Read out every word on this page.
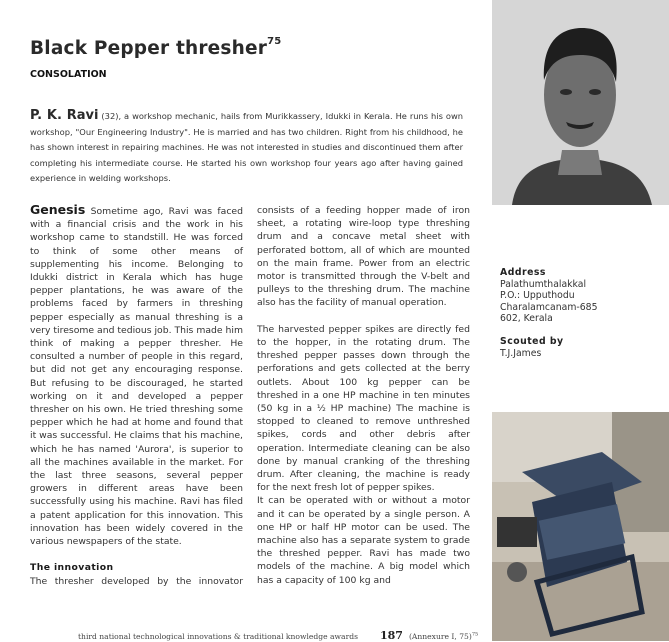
Black Pepper thresher$^{75}$
CONSOLATION
P. K. Ravi (32), a workshop mechanic, hails from Murikkassery, Idukki in Kerala. He runs his own workshop, "Our Engineering Industry". He is married and has two children. Right from his childhood, he has shown interest in repairing machines. He was not interested in studies and discontinued them after completing his intermediate course. He started his own workshop four years ago after having gained experience in welding workshops.

Genesis Sometime ago, Ravi was faced with a financial crisis and the work in his workshop came to standstill. He was forced to think of some other means of supplementing his income. Belonging to Idukki district in Kerala which has huge pepper plantations, he was aware of the problems faced by farmers in threshing pepper especially as manual threshing is a very tiresome and tedious job. This made him think of making a pepper thresher. He consulted a number of people in this regard, but did not get any encouraging response. But refusing to be discouraged, he started working on it and developed a pepper thresher on his own. He tried threshing some pepper which he had at home and found that it was successful. He claims that his machine, which he has named 'Aurora', is superior to all the machines available in the market. For the last three seasons, several pepper growers in different areas have been successfully using his machine. Ravi has filed a patent application for this innovation. This innovation has been widely covered in the various newspapers of the state.

The innovation

The thresher developed by the innovator

consists of a feeding hopper made of iron sheet, a rotating wire-loop type threshing drum and a concave metal sheet with perforated bottom, all of which are mounted on the main frame. Power from an electric motor is transmitted through the V-belt and pulleys to the threshing drum. The machine also has the facility of manual operation.

The harvested pepper spikes are directly fed to the hopper, in the rotating drum. The threshed pepper passes down through the perforations and gets collected at the berry outlets. About 100 kg pepper can be threshed in a one HP machine in ten minutes (50 kg in a ½ HP machine) The machine is stopped to cleaned to remove unthreshed spikes, cords and other debris after operation. Intermediate cleaning can be also done by manual cranking of the threshing drum. After cleaning, the machine is ready for the next fresh lot of pepper spikes.

It can be operated with or without a motor and it can be operated by a single person. A one HP or half HP motor can be used. The machine also has a separate system to grade the threshed pepper. Ravi has made two models of the machine. A big model which has a capacity of 100 kg and

Address
Palathumthalakkal
P.O.: Upputhodu
Charalamcanam-685
602, Kerala
Scouted by
T.J.James
third national technological innovations & traditional knowledge awards 187 (Annexure I, 75)$^{75}$
